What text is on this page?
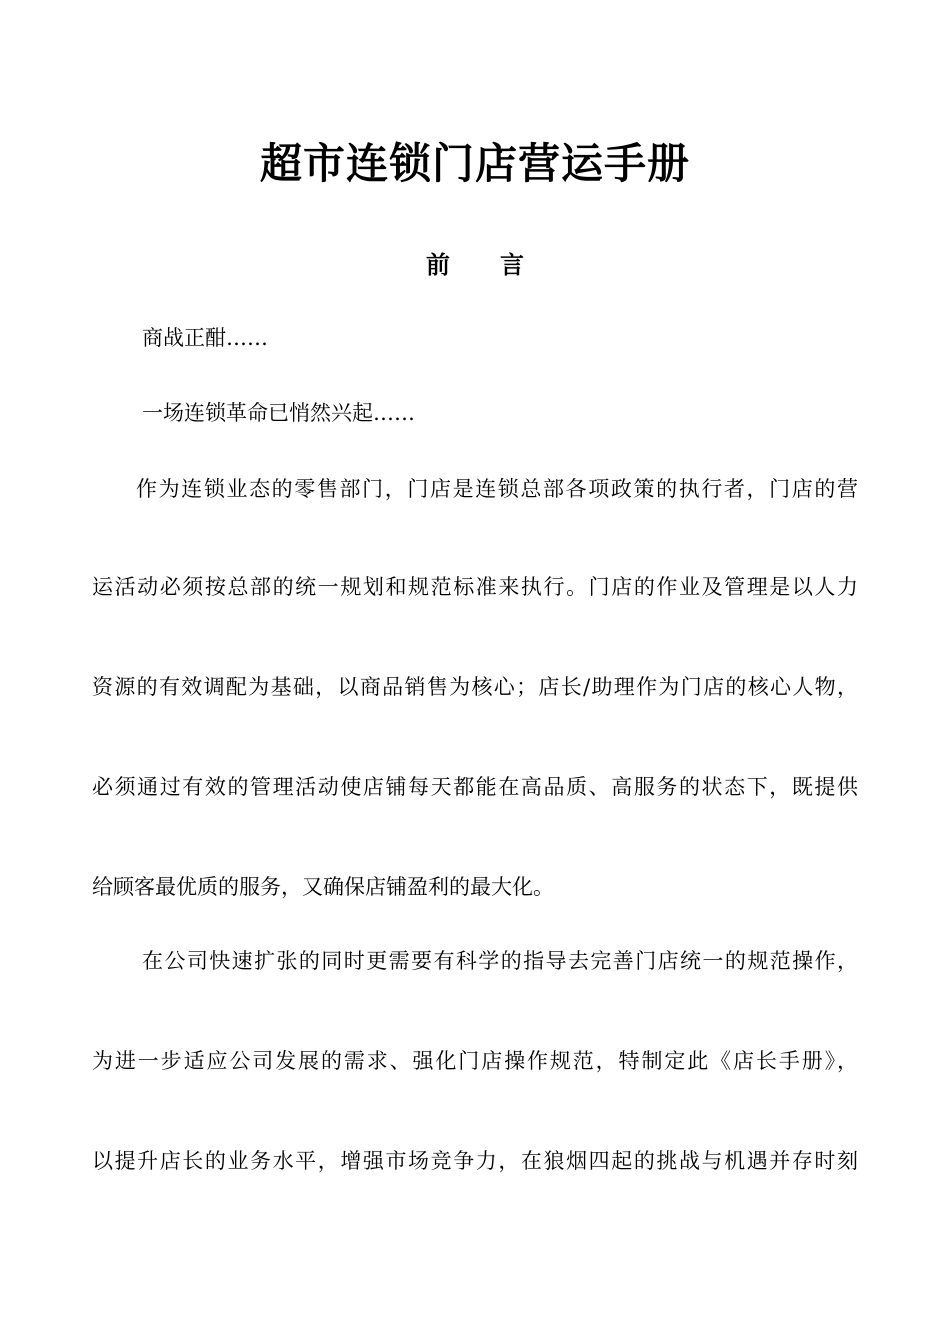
超市连锁门店营运手册
前 言
商战正酣……
一场连锁革命已悄然兴起……
作为连锁业态的零售部门，门店是连锁总部各项政策的执行者，门店的营
运活动必须按总部的统一规划和规范标准来执行。门店的作业及管理是以人力
资源的有效调配为基础，以商品销售为核心；店长/助理作为门店的核心人物，
必须通过有效的管理活动使店铺每天都能在高品质、高服务的状态下，既提供
给顾客最优质的服务，又确保店铺盈利的最大化。
在公司快速扩张的同时更需要有科学的指导去完善门店统一的规范操作，
为进一步适应公司发展的需求、强化门店操作规范，特制定此《店长手册》，
以提升店长的业务水平，增强市场竞争力，在狼烟四起的挑战与机遇并存时刻
